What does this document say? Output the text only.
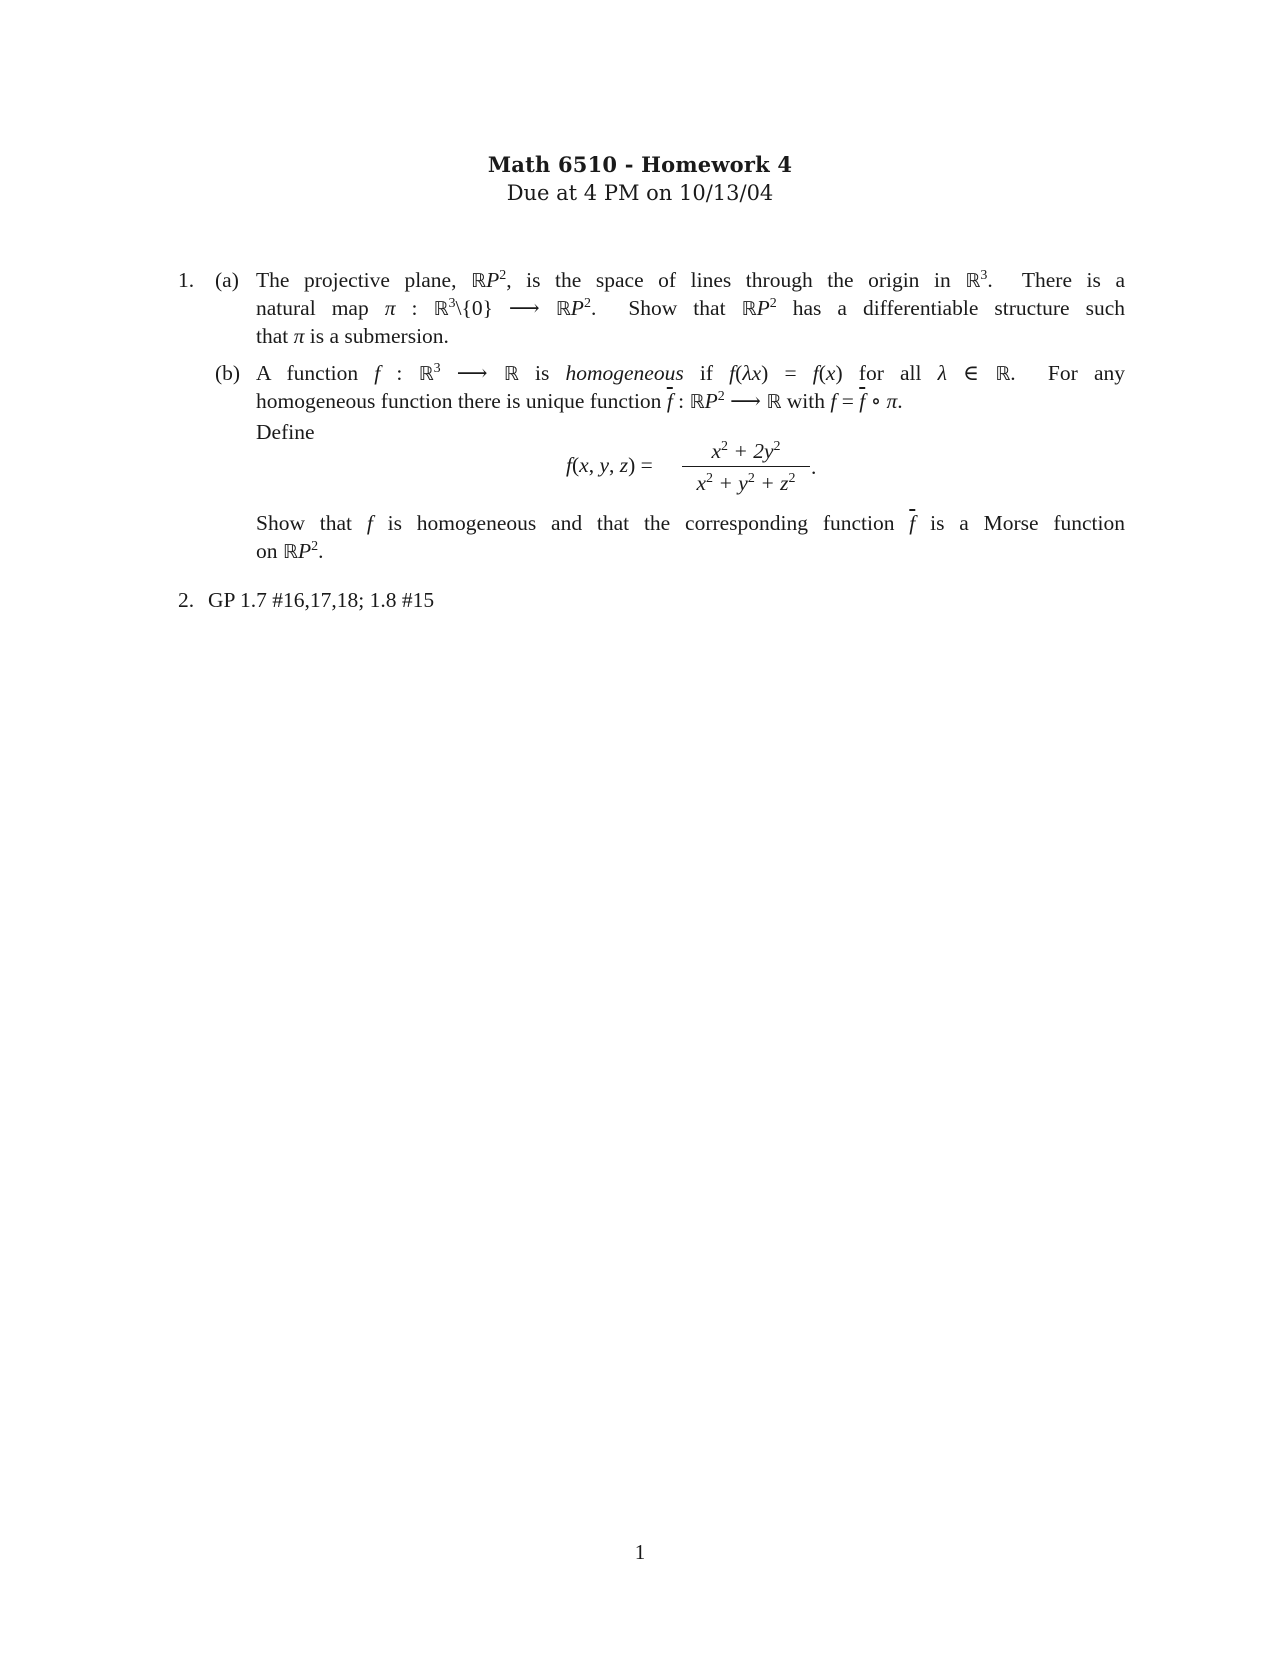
Math 6510 - Homework 4
Due at 4 PM on 10/13/04
1. (a) The projective plane, ℝP$^2$, is the space of lines through the origin in ℝ$^3$.  There is a
natural map π : ℝ$^3$\{0} ⟶ ℝP$^2$.  Show that ℝP$^2$ has a differentiable structure such
that π is a submersion.
(b) A function f : ℝ$^3$ ⟶ ℝ is homogeneous if f(λx) = f(x) for all λ ∈ ℝ.  For any
homogeneous function there is unique function $\overline{f}$ : ℝP$^2$ ⟶ ℝ with $f = \overline{f}$ ∘ π.
Define
f(x, y, z) =
$x^2 + 2y^2$
$x^2 + y^2 + z^2$ .
Show that f is homogeneous and that the corresponding function $\overline{f}$ is a Morse function
on ℝP$^2$.
2. GP 1.7 #16,17,18; 1.8 #15
1
